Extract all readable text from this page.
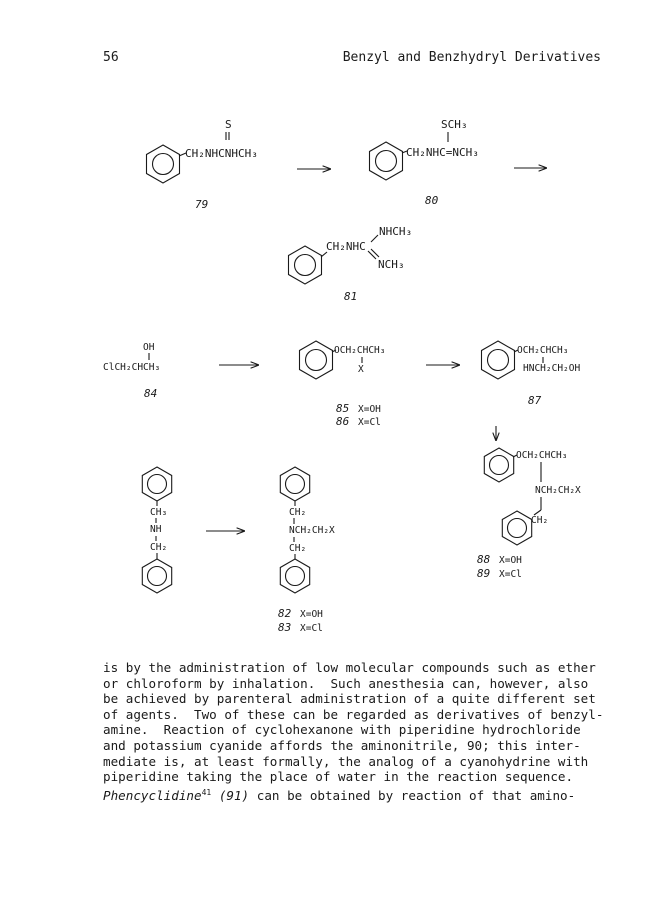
56	Benzyl and Benzhydryl Derivatives
S
CH₂NHCNHCH₃
79
SCH₃
CH₂NHC=NCH₃
80
NHCH₃
CH₂NHC
NCH₃
81
OH
ClCH₂CHCH₃
84
OCH₂CHCH₃
X
85 X=OH
86 X=Cl
OCH₂CHCH₃
HNCH₂CH₂OH
87
CH₃
NH
CH₂
CH₂
NCH₂CH₂X
CH₂
82 X=OH
83 X=Cl
OCH₂CHCH₃
NCH₂CH₂X
CH₂
88 X=OH
89 X=Cl

is by the administration of low molecular compounds such as ether

or chloroform by inhalation.  Such anesthesia can, however, also

be achieved by parenteral administration of a quite different set

of agents.  Two of these can be regarded as derivatives of benzyl-

amine.  Reaction of cyclohexanone with piperidine hydrochloride

and potassium cyanide affords the aminonitrile, 90; this inter-

mediate is, at least formally, the analog of a cyanohydrine with

piperidine taking the place of water in the reaction sequence.

Phencyclidine$^{41}$ (91) can be obtained by reaction of that amino-
